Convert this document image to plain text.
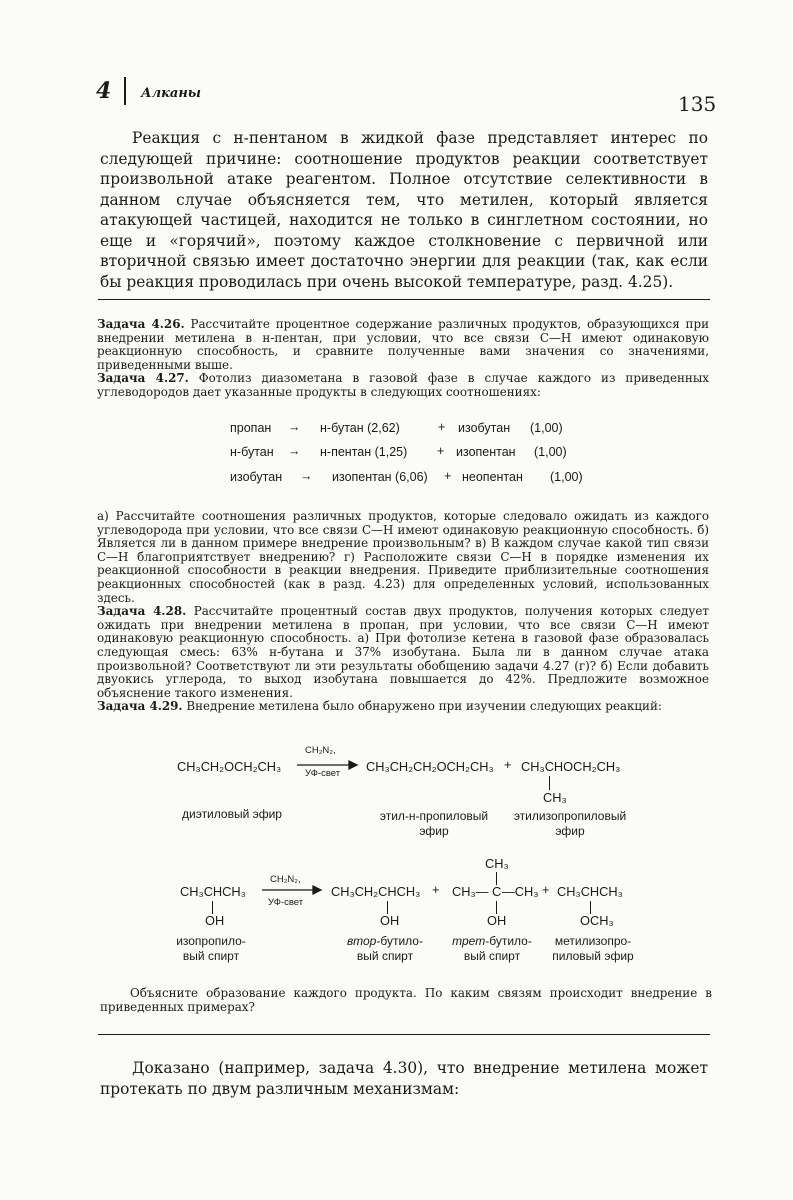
4 Алканы	135
Реакция с н-пентаном в жидкой фазе представляет интерес по следующей причине: соотношение продуктов реакции соответствует произвольной атаке реагентом. Полное отсутствие селективности в данном случае объясняется тем, что метилен, который является атакующей частицей, находится не только в синглетном состоянии, но еще и «горячий», поэтому каждое столкновение с первичной или вторичной связью имеет достаточно энергии для реакции (так, как если бы реакция проводилась при очень высокой температуре, разд. 4.25).

Задача 4.26. Рассчитайте процентное содержание различных продуктов, образующихся при внедрении метилена в н-пентан, при условии, что все связи С—Н имеют одинаковую реакционную способность, и сравните полученные вами значения со значениями, приведенными выше.

Задача 4.27. Фотолиз диазометана в газовой фазе в случае каждого из приведенных углеводородов дает указанные продукты в следующих соотношениях:

пропан → н-бутан (2,62)	+ изобутан (1,00)
н-бутан → н-пентан (1,25) + изопентан (1,00)
изобутан → изопентан (6,06) + неопентан (1,00)

а) Рассчитайте соотношения различных продуктов, которые следовало ожидать из каждого углеводорода при условии, что все связи С—Н имеют одинаковую реакционную способность. б) Является ли в данном примере внедрение произвольным? в) В каждом случае какой тип связи С—Н благоприятствует внедрению? г) Расположите связи С—Н в порядке изменения их реакционной способности в реакции внедрения. Приведите приблизительные соотношения реакционных способностей (как в разд. 4.23) для определенных условий, использованных здесь.

Задача 4.28. Рассчитайте процентный состав двух продуктов, получения которых следует ожидать при внедрении метилена в пропан, при условии, что все связи С—Н имеют одинаковую реакционную способность. а) При фотолизе кетена в газовой фазе образовалась следующая смесь: 63% н-бутана и 37% изобутана. Была ли в данном случае атака произвольной? Соответствуют ли эти результаты обобщению задачи 4.27 (г)? б) Если добавить двуокись углерода, то выход изобутана повышается до 42%. Предложите возможное объяснение такого изменения.

Задача 4.29. Внедрение метилена было обнаружено при изучении следующих реакций:

CH₃CH₂OCH₂CH₃
CH₂N₂,
УФ-свет CH₃CH₂CH₂OCH₂CH₃ + CH₃CHOCH₂CH₃
CH₃
диэтиловый эфир	этил-н-пропиловый
эфир
этилизопропиловый
эфир
CH₃CHCH₃
OH
CH₂N₂,
УФ-свет
CH₃CH₂CHCH₃
OH
+
CH₃
CH₃— C —CH₃
OH
+ CH₃CHCH₃
OCH₃
изопропило-
вый спирт
втор-бутило-
вый спирт
трет-бутило-
вый спирт
метилизопро-
пиловый эфир
Объясните образование каждого продукта. По каким связям происходит внедрение в приведенных примерах?
Доказано (например, задача 4.30), что внедрение метилена может протекать по двум различным механизмам:
